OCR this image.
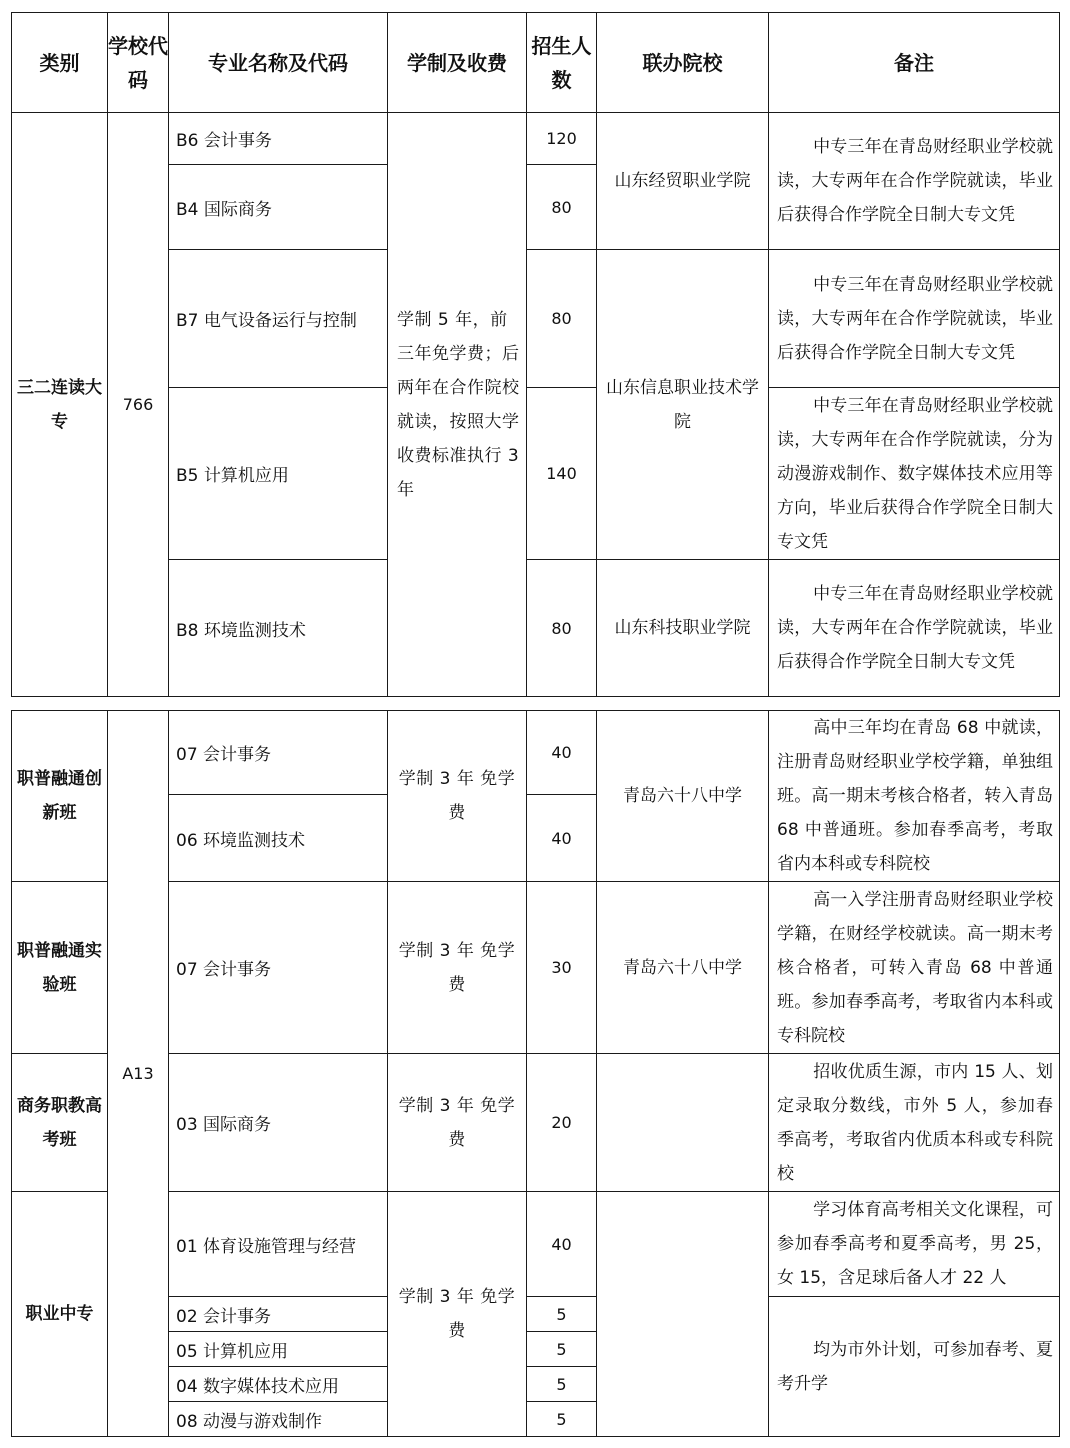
类别	学校代码	专业名称及代码	学制及收费	招生人数	联办院校	备注
三二连读大专	766	B6 会计事务	学制 5 年，前三年免学费；后两年在合作院校就读，按照大学收费标准执行 3 年	120	山东经贸职业学院	中专三年在青岛财经职业学校就读，大专两年在合作学院就读，毕业后获得合作学院全日制大专文凭
		B4 国际商务		80		
		B7 电气设备运行与控制		80	山东信息职业技术学院	中专三年在青岛财经职业学校就读，大专两年在合作学院就读，毕业后获得合作学院全日制大专文凭
		B5 计算机应用		140		中专三年在青岛财经职业学校就读，大专两年在合作学院就读，分为动漫游戏制作、数字媒体技术应用等方向，毕业后获得合作学院全日制大专文凭
		B8 环境监测技术		80	山东科技职业学院	中专三年在青岛财经职业学校就读，大专两年在合作学院就读，毕业后获得合作学院全日制大专文凭
职普融通创新班	A13	07 会计事务	学制 3 年 免学费	40	青岛六十八中学	高中三年均在青岛 68 中就读，注册青岛财经职业学校学籍，单独组班。高一期末考核合格者，转入青岛 68 中普通班。参加春季高考，考取省内本科或专科院校
		06 环境监测技术		40		
职普融通实验班		07 会计事务	学制 3 年 免学费	30	青岛六十八中学	高一入学注册青岛财经职业学校学籍，在财经学校就读。高一期末考核合格者，可转入青岛 68 中普通班。参加春季高考，考取省内本科或专科院校
商务职教高考班		03 国际商务	学制 3 年 免学费	20		招收优质生源，市内 15 人、划定录取分数线，市外 5 人，参加春季高考，考取省内优质本科或专科院校
职业中专		01 体育设施管理与经营	学制 3 年 免学费	40		学习体育高考相关文化课程，可参加春季高考和夏季高考，男 25，女 15，含足球后备人才 22 人
		02 会计事务		5		均为市外计划，可参加春考、夏考升学
		05 计算机应用		5		
		04 数字媒体技术应用		5		
		08 动漫与游戏制作		5		
